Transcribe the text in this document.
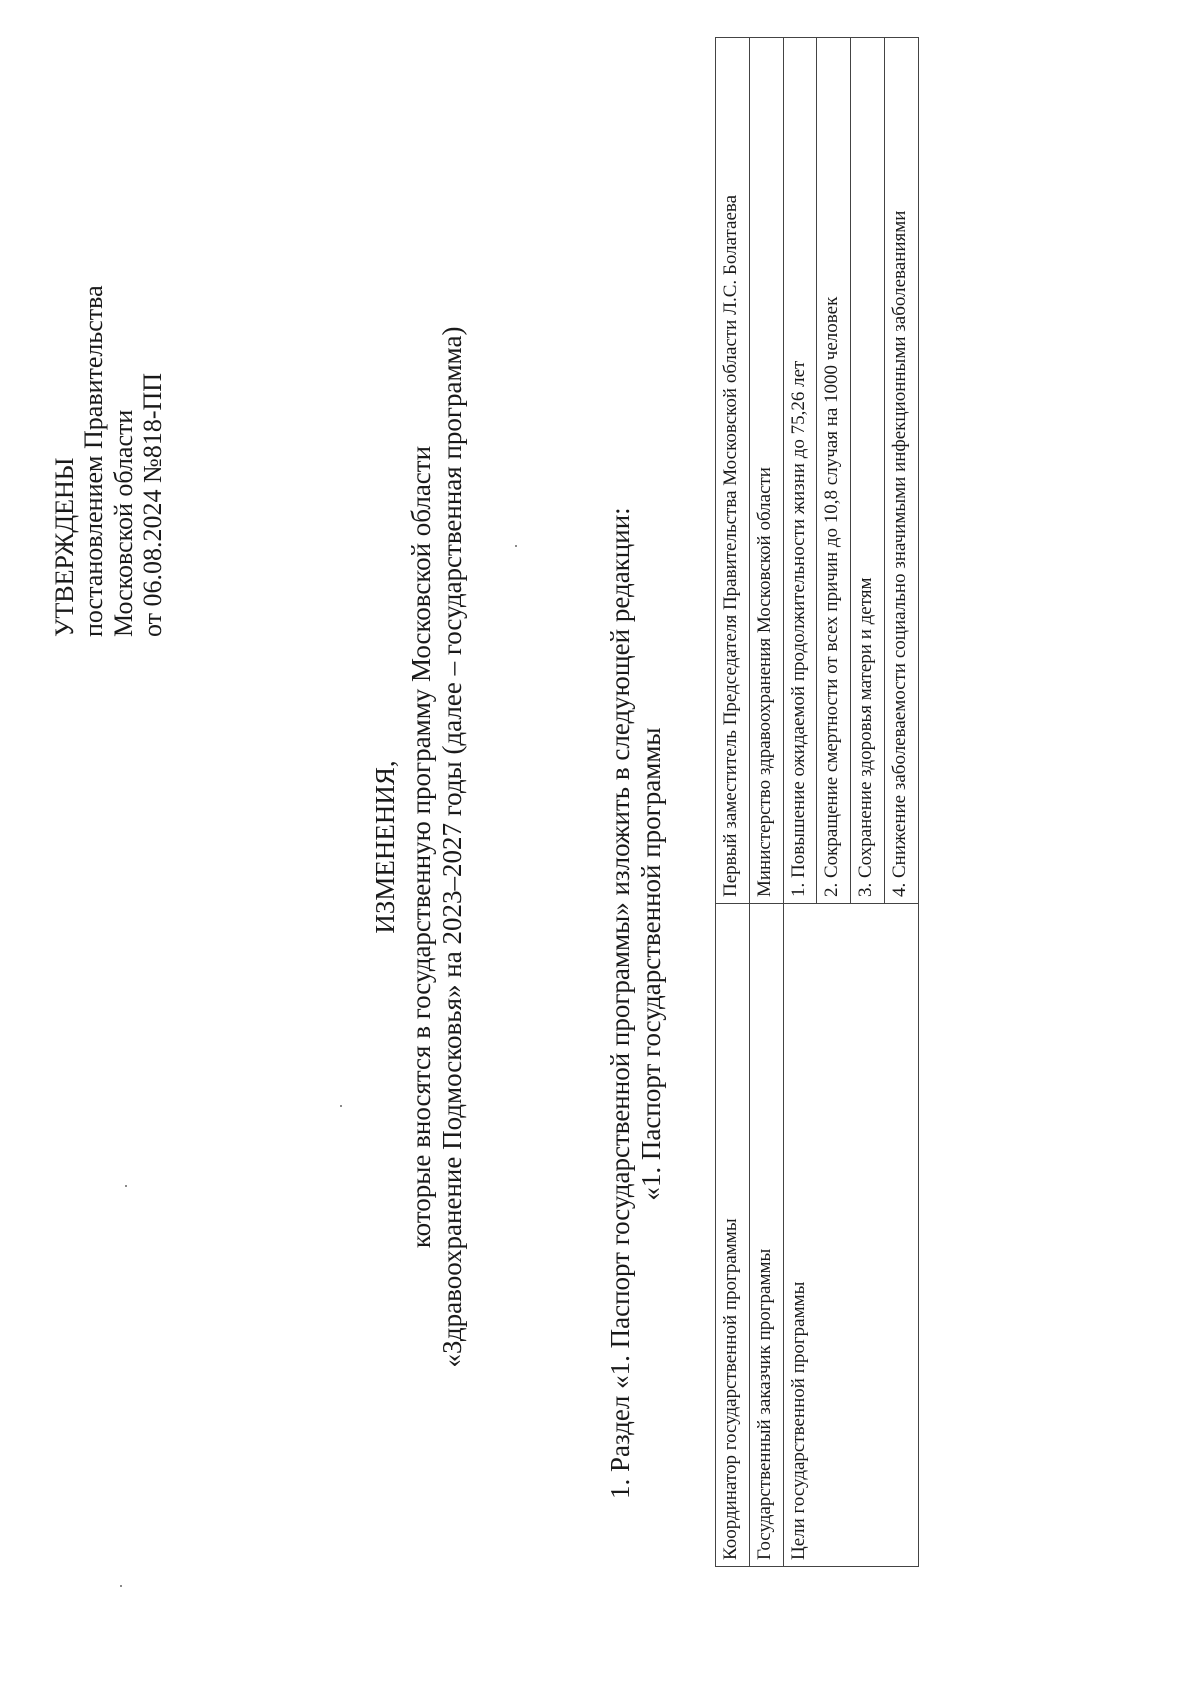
УТВЕРЖДЕНЫ постановлением Правительства Московской области от 06.08.2024 №818-ПП
ИЗМЕНЕНИЯ, которые вносятся в государственную программу Московской области «Здравоохранение Подмосковья» на 2023–2027 годы (далее – государственная программа)	1. Раздел «1. Паспорт государственной программы» изложить в следующей редакции: «1. Паспорт государственной программы
Координатор государственной программы	Первый заместитель Председателя Правительства Московской области Л.С. Болатаева
Государственный заказчик программы	Министерство здравоохранения Московской области
Цели государственной программы	1. Повышение ожидаемой продолжительности жизни до 75,26 лет
	2. Сокращение смертности от всех причин до 10,8 случая на 1000 человек
	3. Сохранение здоровья матери и детям
	4. Снижение заболеваемости социально значимыми инфекционными заболеваниями
